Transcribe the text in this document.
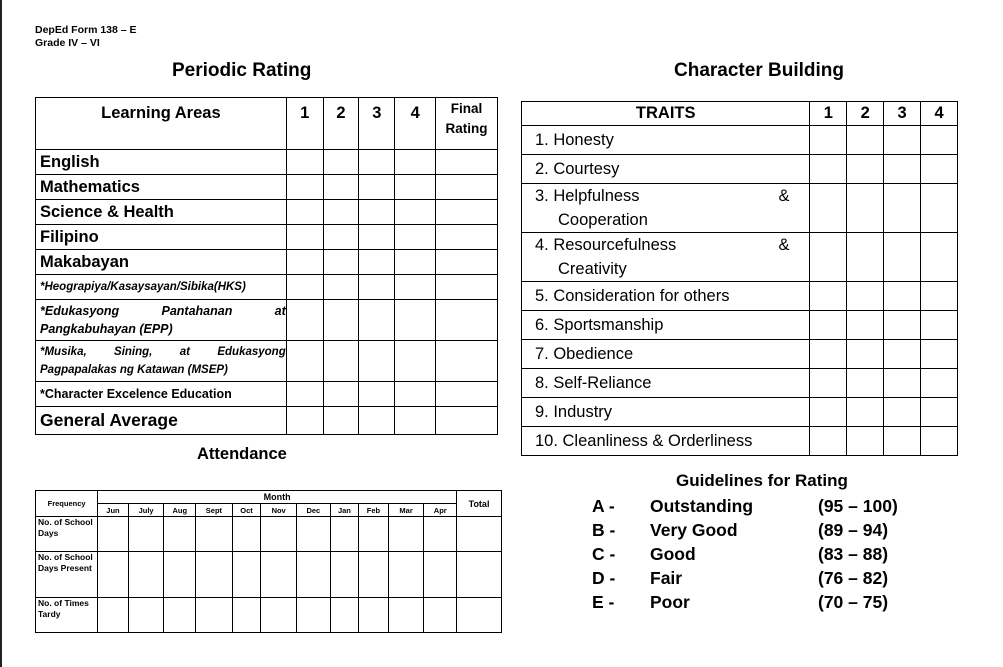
DepEd Form 138 – E
Grade IV – VI
Periodic Rating	Character Building
Learning Areas	1	2	3	4	Final
Rating

English					
Mathematics					
Science & Health					
Filipino					
Makabayan					
*Heograpiya/Kasaysayan/Sibika(HKS)					
*Edukasyong Pantahanan at Pangkabuhayan (EPP)					
*Musika, Sining, at Edukasyong Pagpapalakas ng Katawan (MSEP)					
*Character Excelence Education					
General Average					
TRAITS	1	2	3	4
1. Honesty				
2. Courtesy				

3. Helpfulness &
Cooperation				

4. Resourcefulness &
Creativity				

5. Consideration for others				
6. Sportsmanship				
7. Obedience				
8. Self-Reliance				
9. Industry				
10. Cleanliness & Orderliness				
Attendance
Frequency	Month											Total
	Jun	July	Aug	Sept	Oct	Nov	Dec	Jan	Feb	Mar	Apr	
No. of School Days												
No. of School Days Present												
No. of Times Tardy												
Guidelines for Rating
A - Outstanding	(95 – 100)
B - Very Good	(89 – 94)
C - Good	(83 – 88)
D - Fair	(76 – 82)
E - Poor	(70 – 75)
